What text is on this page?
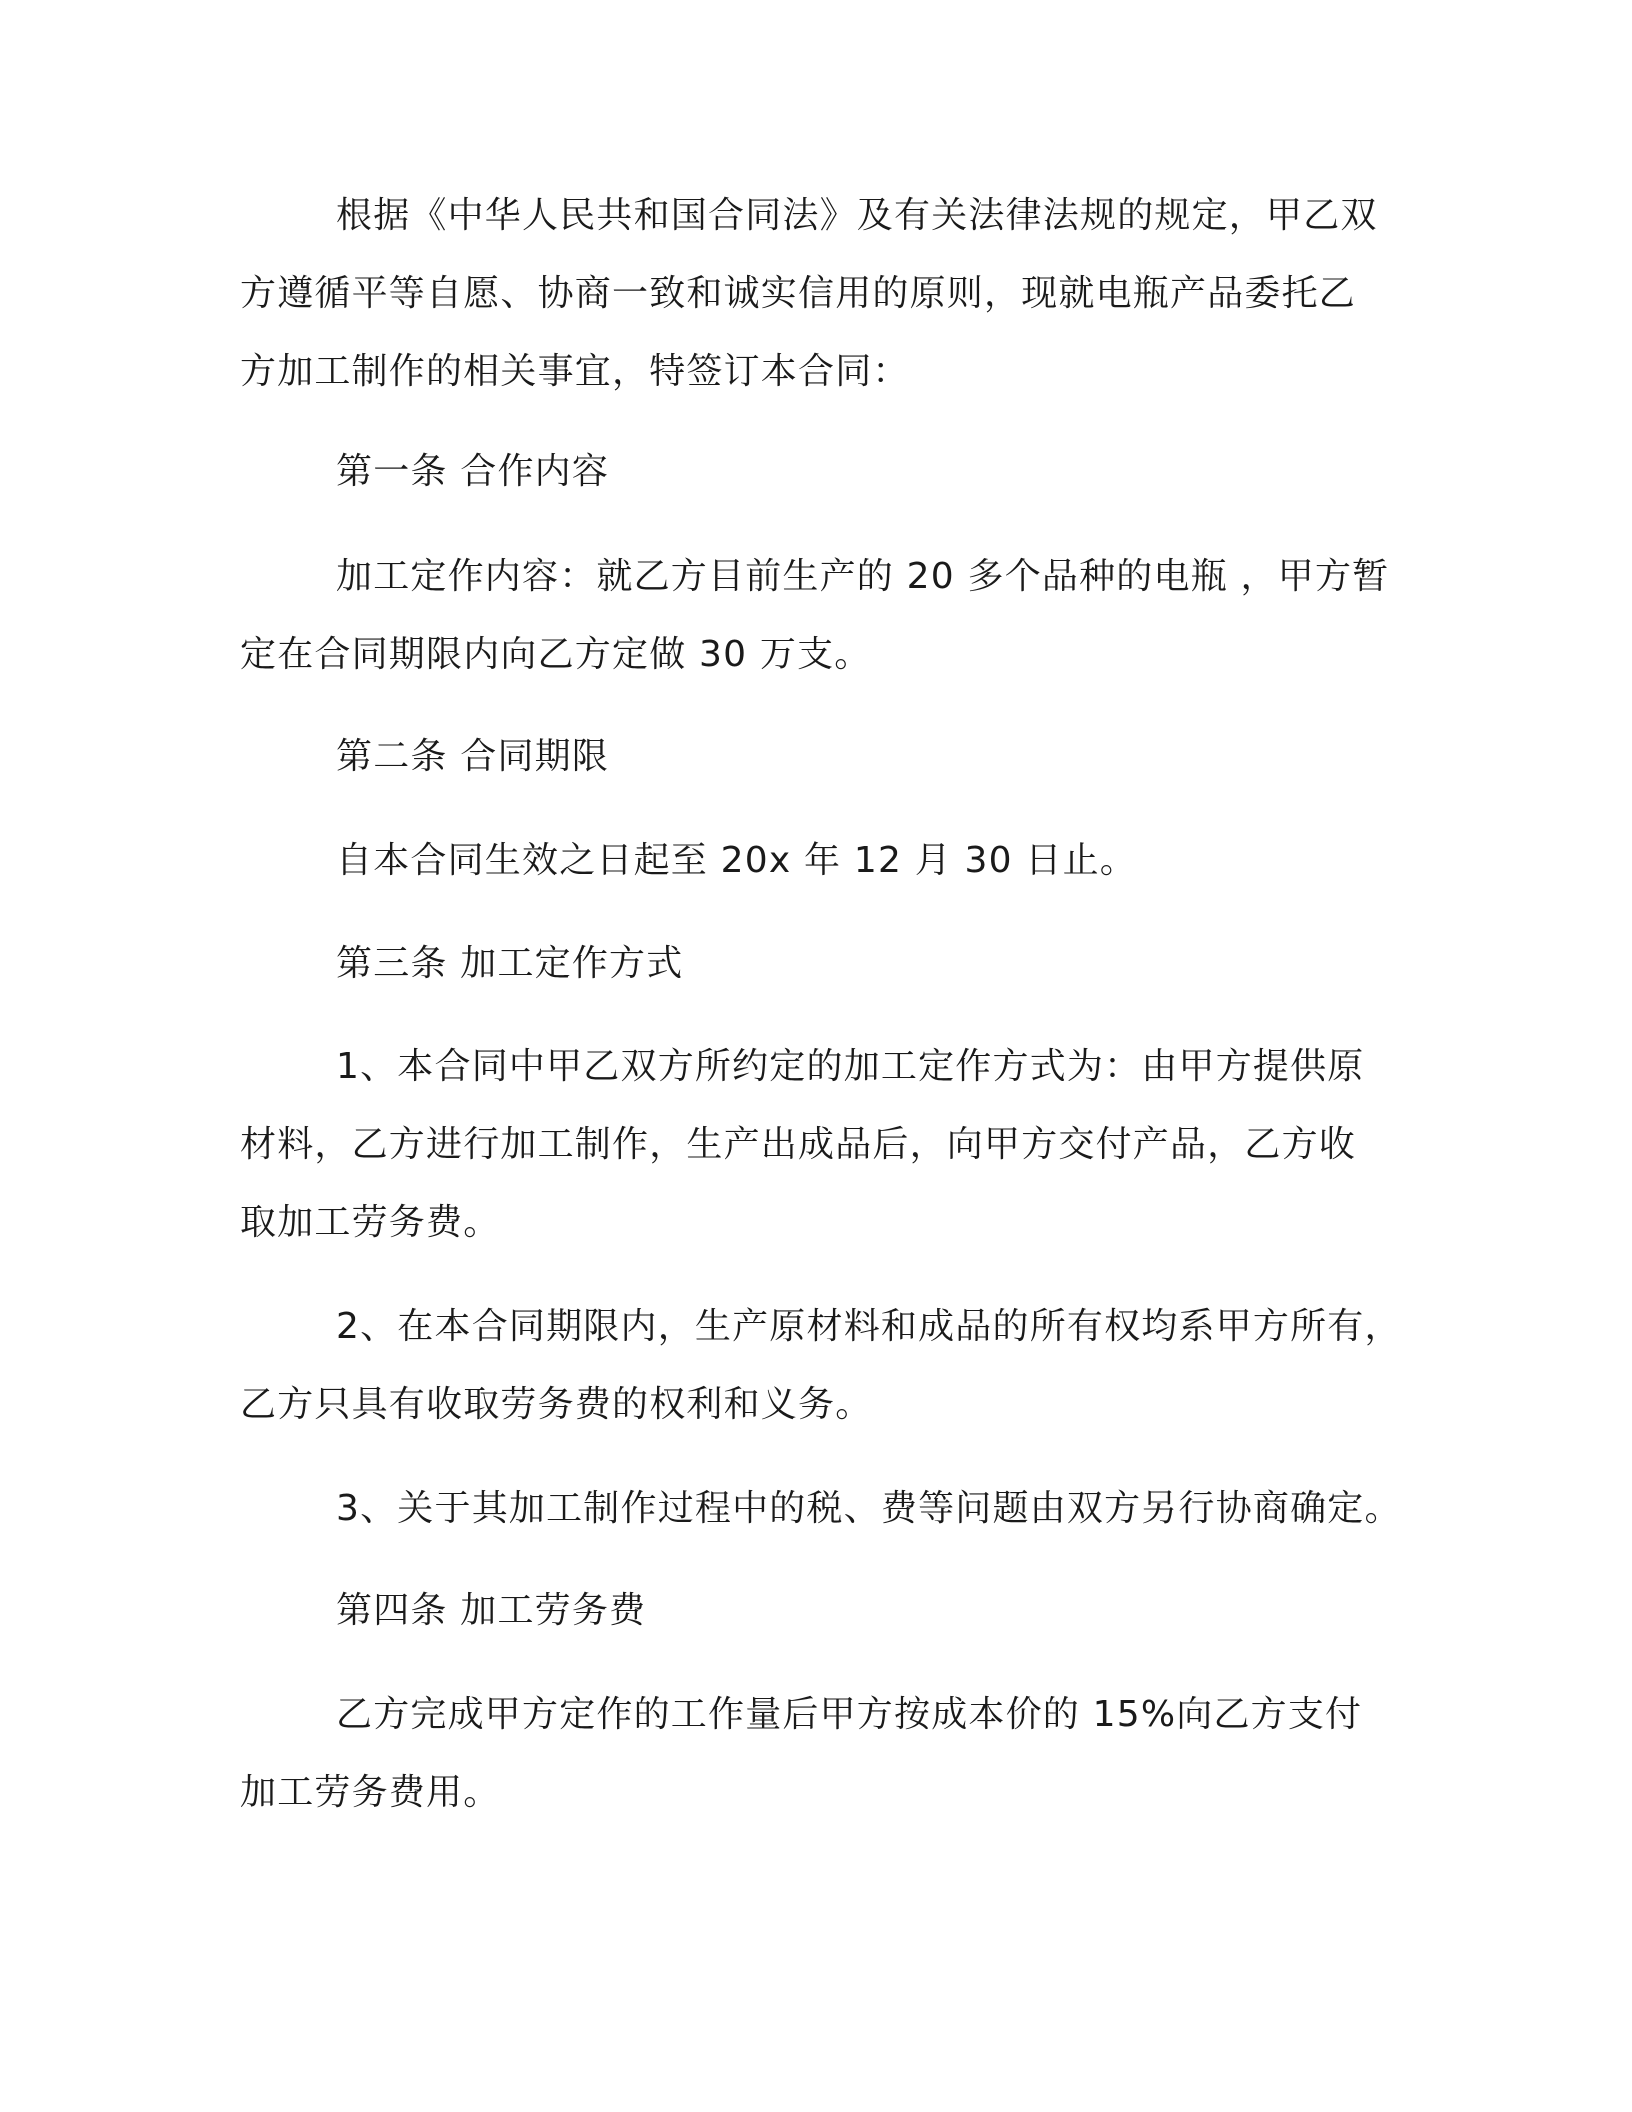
根据《中华人民共和国合同法》及有关法律法规的规定，甲乙双
方遵循平等自愿、协商一致和诚实信用的原则，现就电瓶产品委托乙
方加工制作的相关事宜，特签订本合同：
第一条 合作内容
加工定作内容：就乙方目前生产的 20 多个品种的电瓶 ，甲方暂
定在合同期限内向乙方定做 30 万支。
第二条 合同期限
自本合同生效之日起至 20x 年 12 月 30 日止。
第三条 加工定作方式
1、本合同中甲乙双方所约定的加工定作方式为：由甲方提供原
材料，乙方进行加工制作，生产出成品后，向甲方交付产品，乙方收
取加工劳务费。
2、在本合同期限内，生产原材料和成品的所有权均系甲方所有，
乙方只具有收取劳务费的权利和义务。
3、关于其加工制作过程中的税、费等问题由双方另行协商确定。
第四条 加工劳务费
乙方完成甲方定作的工作量后甲方按成本价的 15%向乙方支付
加工劳务费用。
